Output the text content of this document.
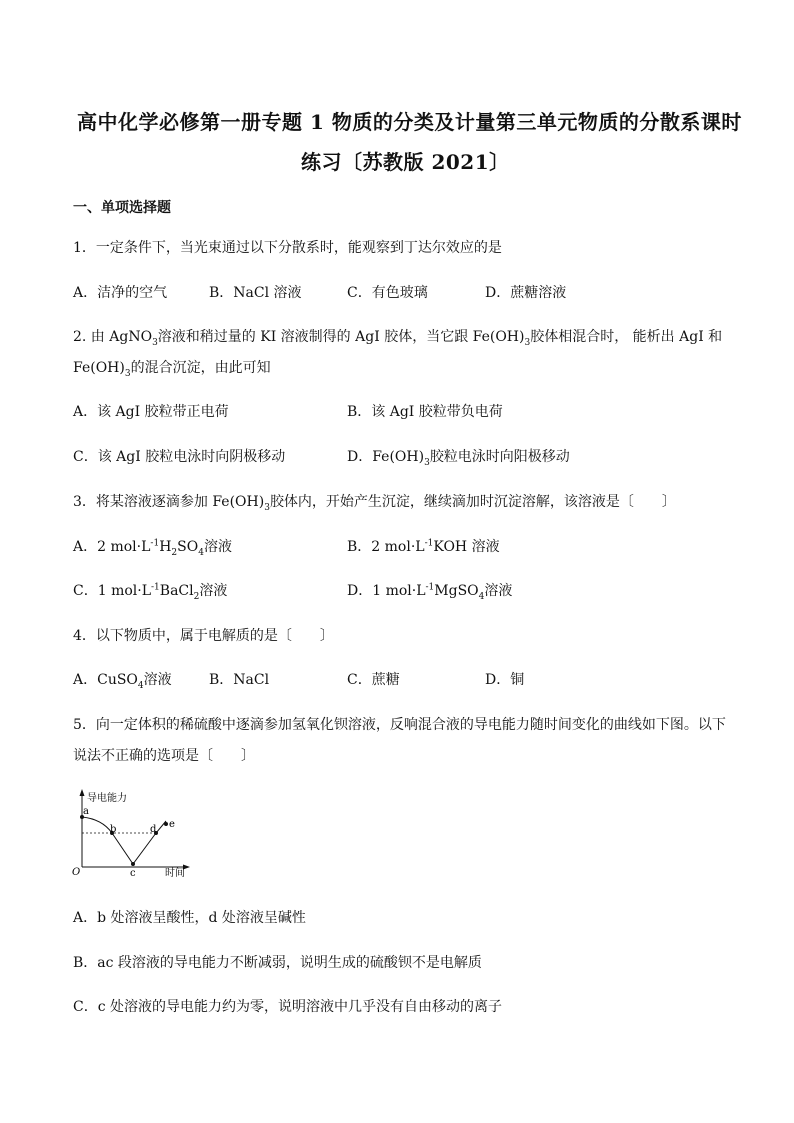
高中化学必修第一册专题 1 物质的分类及计量第三单元物质的分散系课时
练习〔苏教版 2021〕
一、单项选择题
1．一定条件下，当光束通过以下分散系时，能观察到丁达尔效应的是
A．洁净的空气	B．NaCl 溶液	C．有色玻璃	D．蔗糖溶液
2. 由 AgNO$_3$溶液和稍过量的 KI 溶液制得的 AgI 胶体，当它跟 $Fe(OH)_3$胶体相混合时， 能析出 AgI 和
$Fe(OH)_3$的混合沉淀，由此可知
A．该 AgI 胶粒带正电荷	B．该 AgI 胶粒带负电荷
C．该 AgI 胶粒电泳时向阴极移动	D．$Fe(OH)_3$胶粒电泳时向阳极移动
3．将某溶液逐滴参加 $Fe(OH)_3$胶体内，开始产生沉淀，继续滴加时沉淀溶解，该溶液是〔　　〕
A．2 $mol\cdot L^{-1}H_2SO_4$溶液	B．2 $mol\cdot L^{-1}KOH$ 溶液
C．1 $mol\cdot L^{-1}BaCl_2$溶液	D．1 $mol\cdot L^{-1}MgSO_4$溶液
4．以下物质中，属于电解质的是〔　　〕
A．CuSO$_4$溶液	B．NaCl	C．蔗糖	D．铜
5．向一定体积的稀硫酸中逐滴参加氢氧化钡溶液，反响混合液的导电能力随时间变化的曲线如下图。以下
说法不正确的选项是〔　　〕
导电能力
时间
O
a
b
c
d e
A．b 处溶液呈酸性，d 处溶液呈碱性
B．ac 段溶液的导电能力不断减弱，说明生成的硫酸钡不是电解质
C．c 处溶液的导电能力约为零，说明溶液中几乎没有自由移动的离子
